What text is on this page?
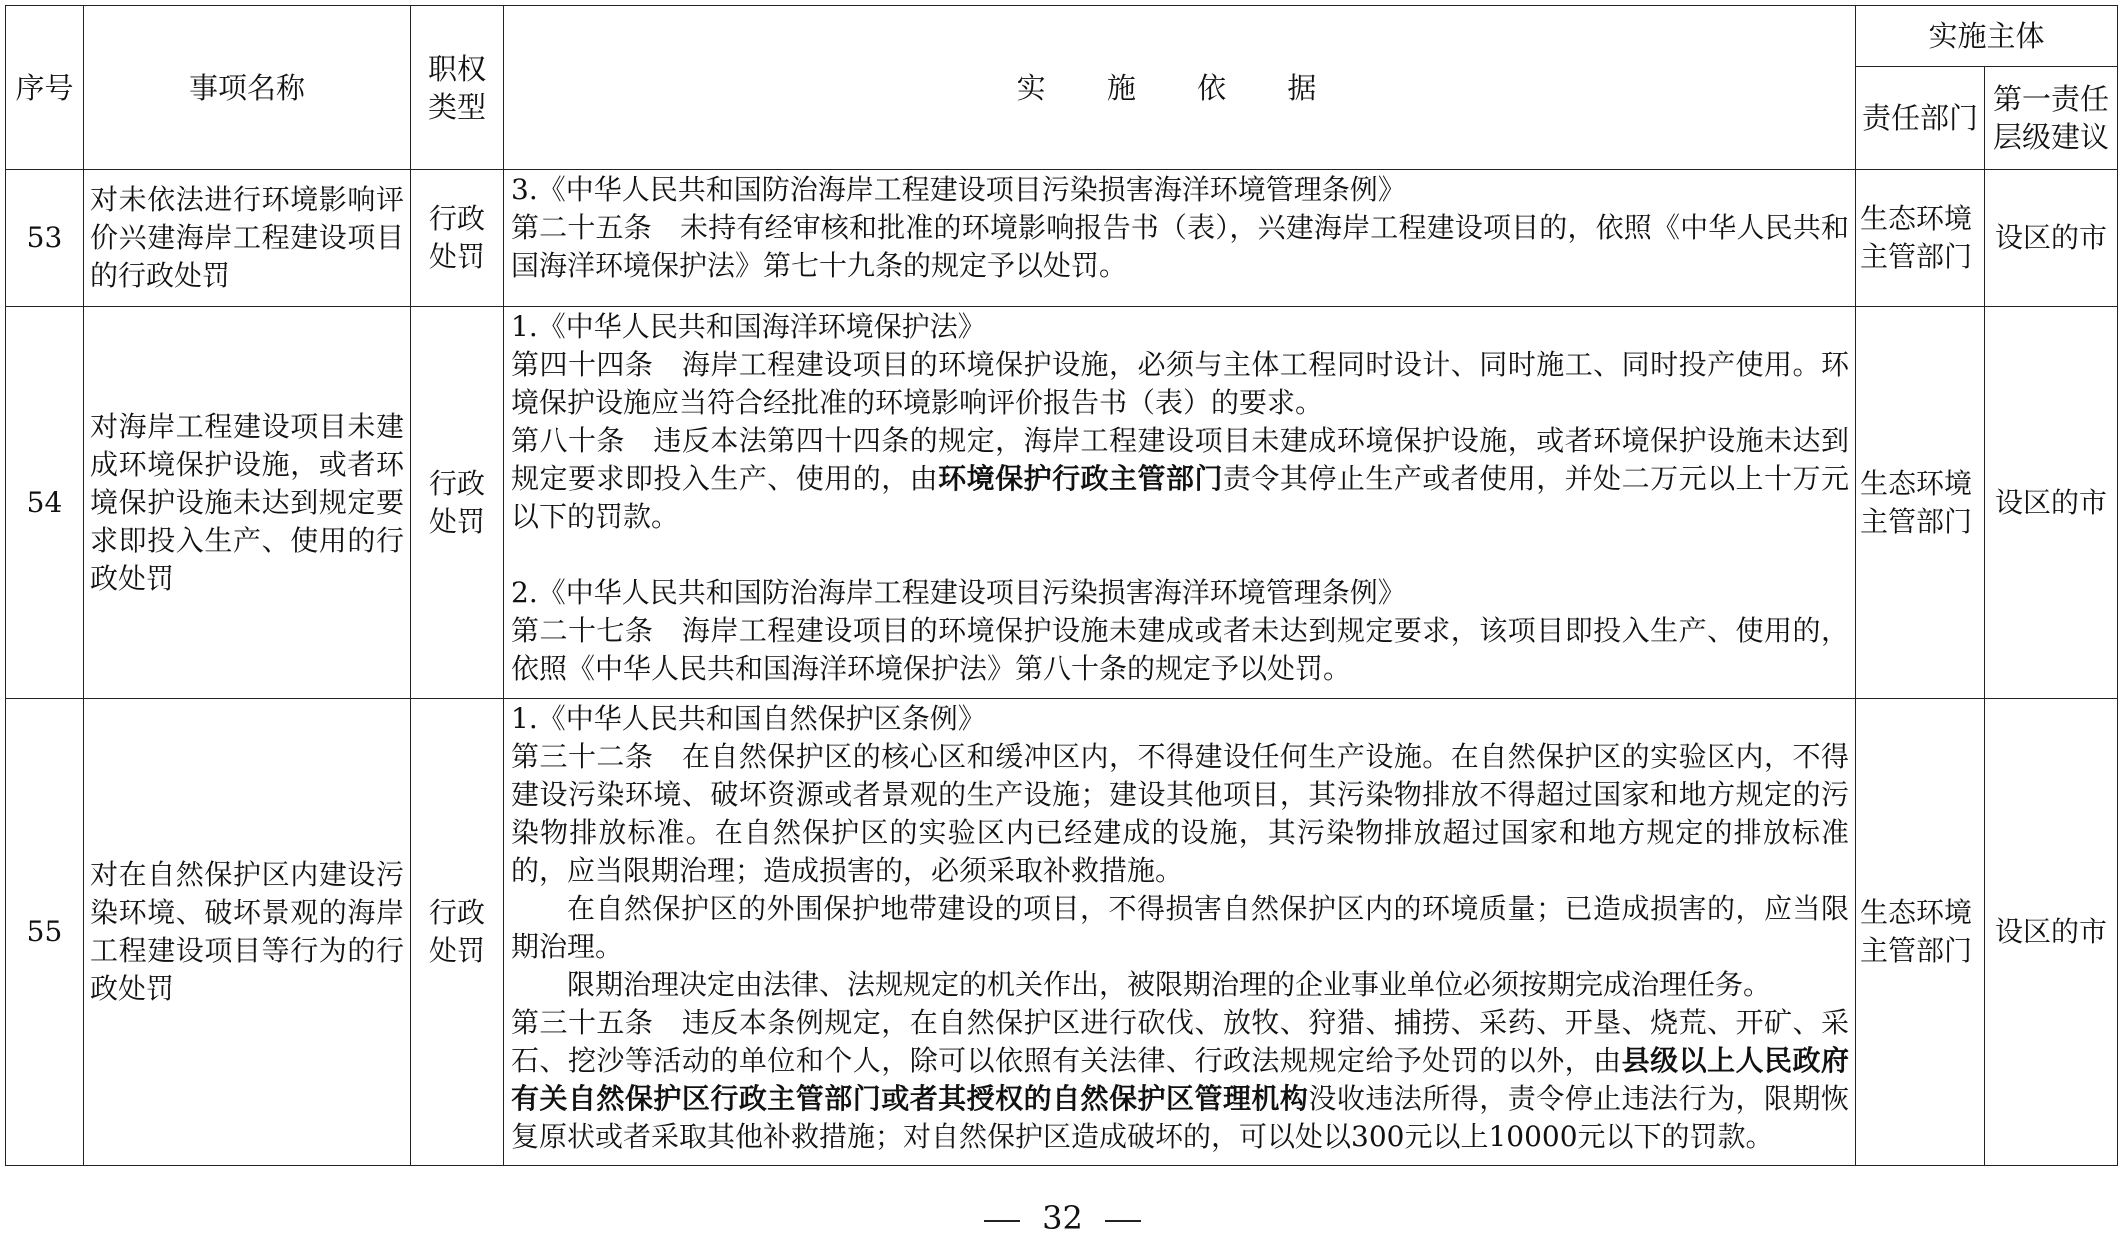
序号	事项名称	职权类型	实 施 依 据	实施主体	
				责任部门	第一责任层级建议
53	对未依法进行环境影响评价兴建海岸工程建设项目的行政处罚	行政处罚	3.《中华人民共和国防治海岸工程建设项目污染损害海洋环境管理条例》

第二十五条　未持有经审核和批准的环境影响报告书（表），兴建海岸工程建设项目的，依照《中华人民共和国海洋环境保护法》第七十九条的规定予以处罚。	生态环境主管部门	设区的市
54	对海岸工程建设项目未建成环境保护设施，或者环境保护设施未达到规定要求即投入生产、使用的行政处罚	行政处罚	1.《中华人民共和国海洋环境保护法》

第四十四条　海岸工程建设项目的环境保护设施，必须与主体工程同时设计、同时施工、同时投产使用。环境保护设施应当符合经批准的环境影响评价报告书（表）的要求。

第八十条　违反本法第四十四条的规定，海岸工程建设项目未建成环境保护设施，或者环境保护设施未达到规定要求即投入生产、使用的，由环境保护行政主管部门责令其停止生产或者使用，并处二万元以上十万元以下的罚款。

2.《中华人民共和国防治海岸工程建设项目污染损害海洋环境管理条例》

第二十七条　海岸工程建设项目的环境保护设施未建成或者未达到规定要求，该项目即投入生产、使用的，依照《中华人民共和国海洋环境保护法》第八十条的规定予以处罚。	生态环境主管部门	设区的市
55	对在自然保护区内建设污染环境、破坏景观的海岸工程建设项目等行为的行政处罚	行政处罚	1.《中华人民共和国自然保护区条例》

第三十二条　在自然保护区的核心区和缓冲区内，不得建设任何生产设施。在自然保护区的实验区内，不得建设污染环境、破坏资源或者景观的生产设施；建设其他项目，其污染物排放不得超过国家和地方规定的污染物排放标准。在自然保护区的实验区内已经建成的设施，其污染物排放超过国家和地方规定的排放标准的，应当限期治理；造成损害的，必须采取补救措施。

在自然保护区的外围保护地带建设的项目，不得损害自然保护区内的环境质量；已造成损害的，应当限期治理。

限期治理决定由法律、法规规定的机关作出，被限期治理的企业事业单位必须按期完成治理任务。

第三十五条　违反本条例规定，在自然保护区进行砍伐、放牧、狩猎、捕捞、采药、开垦、烧荒、开矿、采石、挖沙等活动的单位和个人，除可以依照有关法律、行政法规规定给予处罚的以外，由县级以上人民政府有关自然保护区行政主管部门或者其授权的自然保护区管理机构没收违法所得，责令停止违法行为，限期恢复原状或者采取其他补救措施；对自然保护区造成破坏的，可以处以300元以上10000元以下的罚款。	生态环境主管部门	设区的市
32
